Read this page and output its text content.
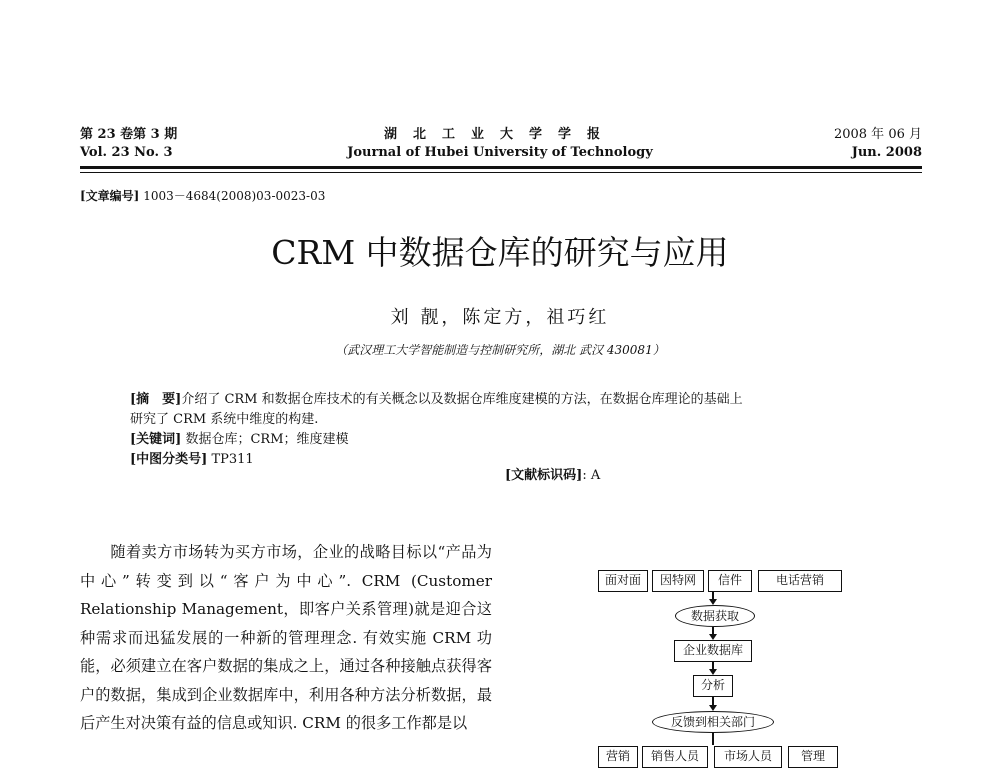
第 23 卷第 3 期
Vol. 23 No. 3
湖北工业大学学报
Journal of Hubei University of Technology
2008 年 06 月
Jun. 2008
[文章编号] 1003－4684(2008)03-0023-03
CRM 中数据仓库的研究与应用
刘 靓，陈定方，祖巧红
（武汉理工大学智能制造与控制研究所，湖北 武汉 430081）
[摘　要]介绍了 CRM 和数据仓库技术的有关概念以及数据仓库维度建模的方法，在数据仓库理论的基础上
研究了 CRM 系统中维度的构建.
[关键词] 数据仓库；CRM；维度建模
[中图分类号] TP311
[文献标识码]: A

随着卖方市场转为买方市场，企业的战略目标以“产品为中心”转变到以“客户为中心”. CRM (Customer Relationship Management，即客户关系管理)就是迎合这种需求而迅猛发展的一种新的管理理念. 有效实施 CRM 功能，必须建立在客户数据的集成之上，通过各种接触点获得客户的数据，集成到企业数据库中，利用各种方法分析数据，最后产生对决策有益的信息或知识. CRM 的很多工作都是以

面对面	因特网	信件	电话营销
数据获取
企业数据库
分析
反馈到相关部门
营销	销售人员	市场人员	管理
